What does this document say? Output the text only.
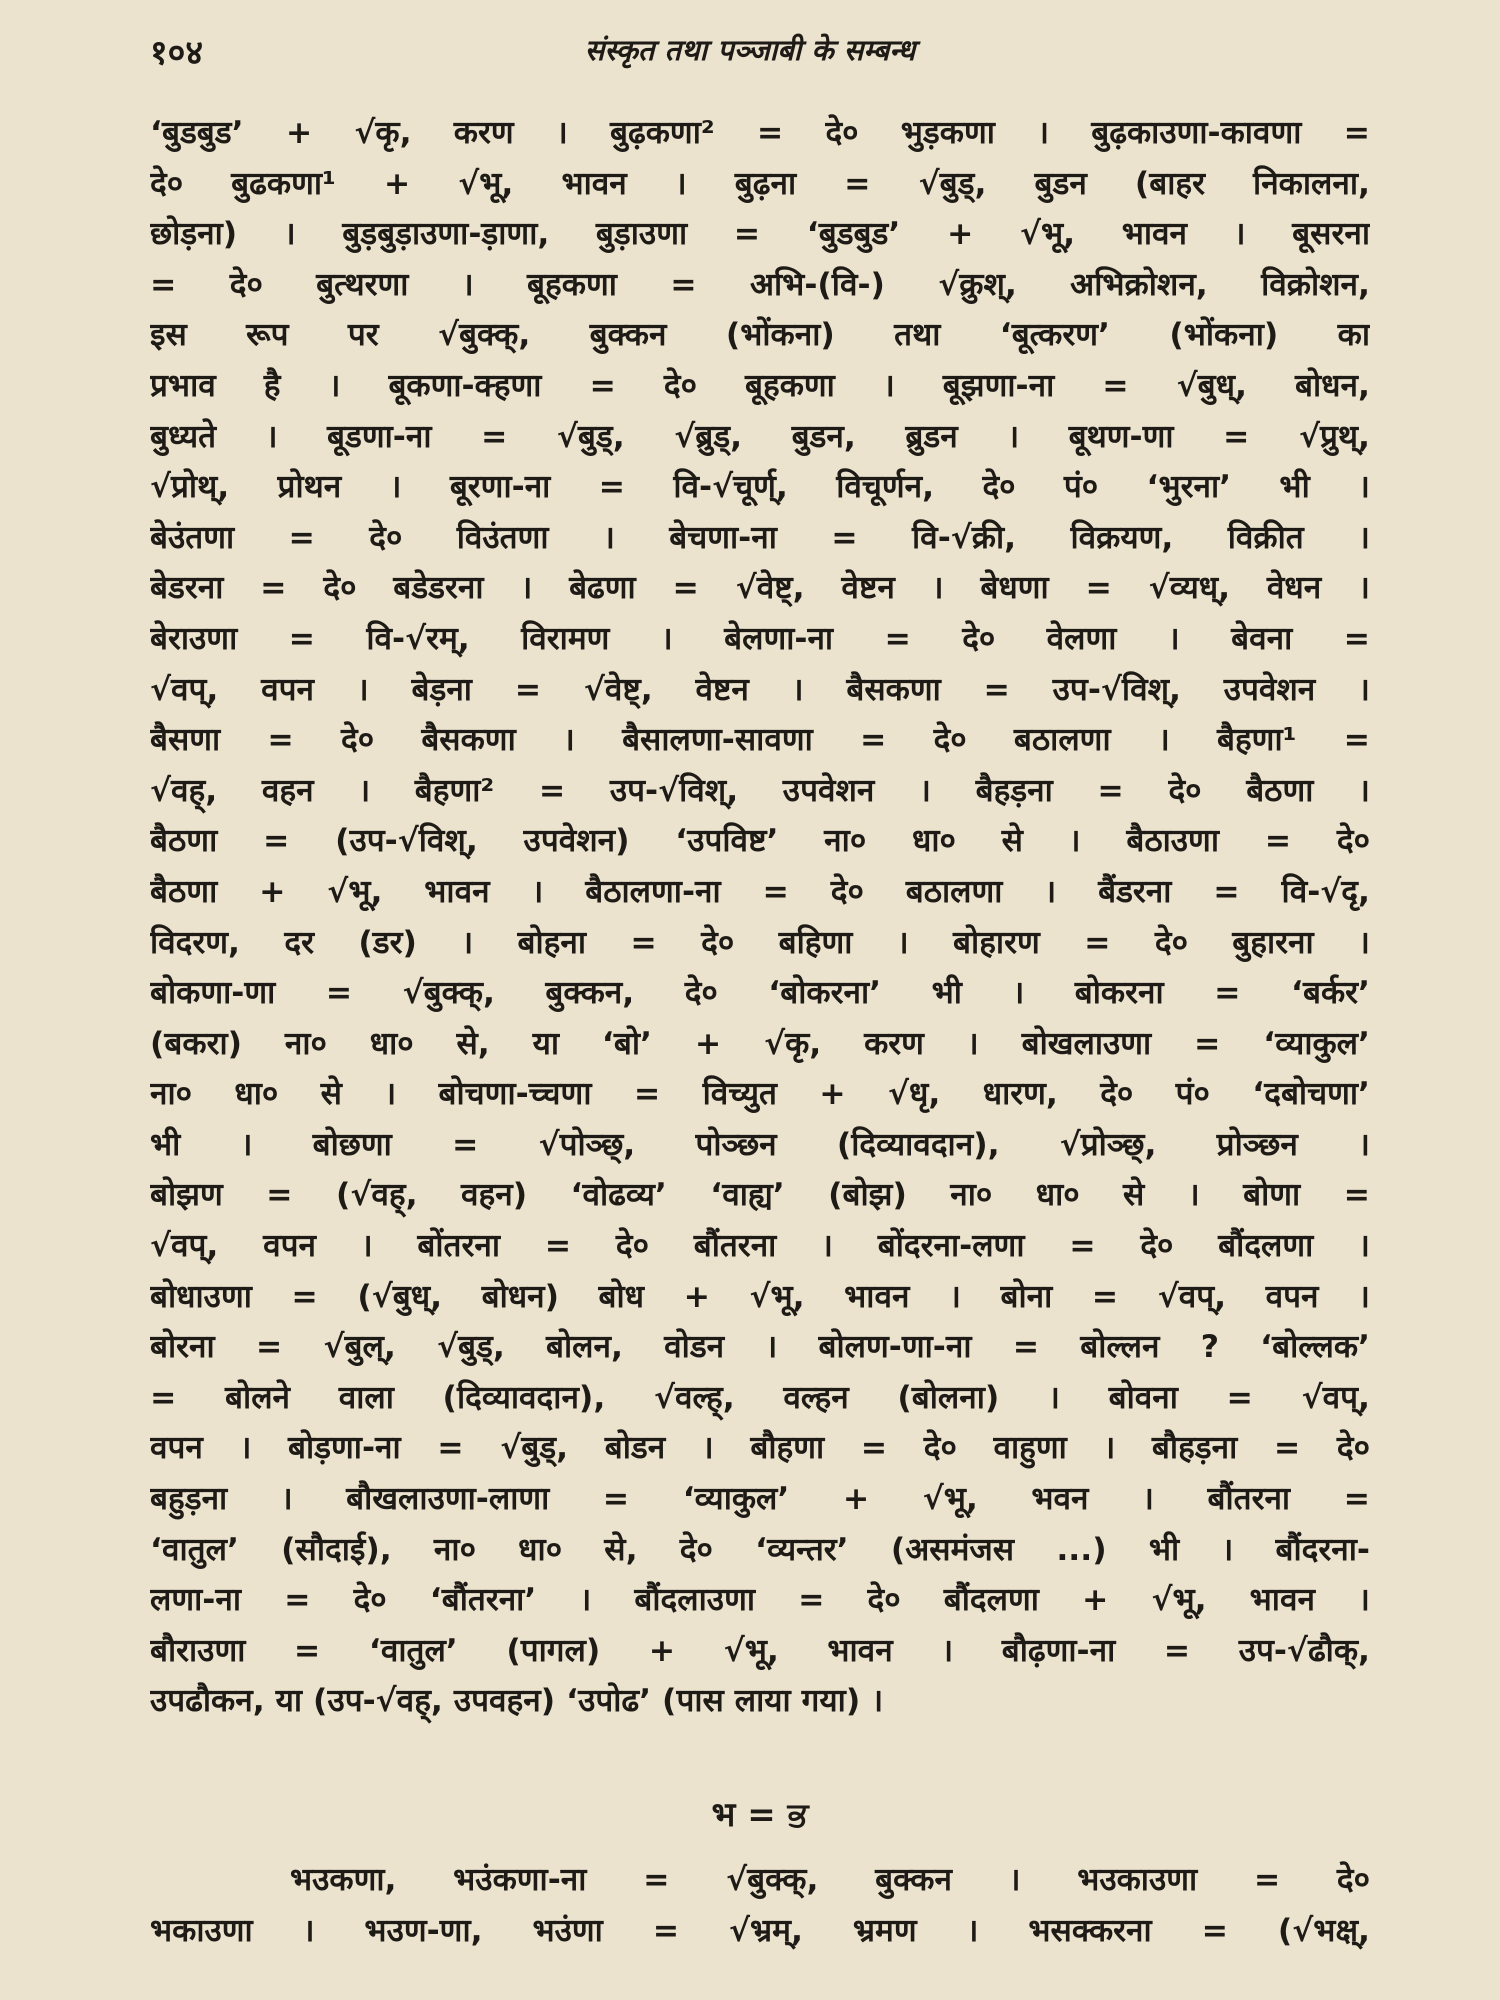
१०४	संस्कृत तथा पञ्जाबी के सम्बन्ध
‘बुडबुड’ + √कृ, करण । बुढ़कणा² = दे० भुड़कणा । बुढ़काउणा-कावणा =
दे० बुढकणा¹ + √भू, भावन । बुढ़ना = √बुड्, बुडन (बाहर निकालना,
छोड़ना) । बुड़बुड़ाउणा-ड़ाणा, बुड़ाउणा = ‘बुडबुड’ + √भू, भावन । बूसरना
= दे० बुत्थरणा । बूहकणा = अभि-(वि-) √क्रुश्, अभिक्रोशन, विक्रोशन,
इस रूप पर √बुक्क्, बुक्कन (भोंकना) तथा ‘बूत्करण’ (भोंकना) का
प्रभाव है । बूकणा-क्हणा = दे० बूहकणा । बूझणा-ना = √बुध्, बोधन,
बुध्यते । बूडणा-ना = √बुड्, √ब्रुड्, बुडन, ब्रुडन । बूथण-णा = √प्रुथ्,
√प्रोथ्, प्रोथन । बूरणा-ना = वि-√चूर्ण्, विचूर्णन, दे० पं० ‘भुरना’ भी ।
बेउंतणा = दे० विउंतणा । बेचणा-ना = वि-√क्री, विक्रयण, विक्रीत ।
बेडरना = दे० बडेडरना । बेढणा = √वेष्ट्, वेष्टन । बेधणा = √व्यध्, वेधन ।
बेराउणा = वि-√रम्, विरामण । बेलणा-ना = दे० वेलणा । बेवना =
√वप्, वपन । बेड़ना = √वेष्ट्, वेष्टन । बैसकणा = उप-√विश्, उपवेशन ।
बैसणा = दे० बैसकणा । बैसालणा-सावणा = दे० बठालणा । बैहणा¹ =
√वह्, वहन । बैहणा² = उप-√विश्, उपवेशन । बैहड़ना = दे० बैठणा ।
बैठणा = (उप-√विश्, उपवेशन) ‘उपविष्ट’ ना० धा० से । बैठाउणा = दे०
बैठणा + √भू, भावन । बैठालणा-ना = दे० बठालणा । बैंडरना = वि-√दृ,
विदरण, दर (डर) । बोहना = दे० बहिणा । बोहारण = दे० बुहारना ।
बोकणा-णा = √बुक्क्, बुक्कन, दे० ‘बोकरना’ भी । बोकरना = ‘बर्कर’
(बकरा) ना० धा० से, या ‘बो’ + √कृ, करण । बोखलाउणा = ‘व्याकुल’
ना० धा० से । बोचणा-च्चणा = विच्युत + √धृ, धारण, दे० पं० ‘दबोचणा’
भी । बोछणा = √पोञ्छ्, पोञ्छन (दिव्यावदान), √प्रोञ्छ्, प्रोञ्छन ।
बोझण = (√वह्, वहन) ‘वोढव्य’ ‘वाह्य’ (बोझ) ना० धा० से । बोणा =
√वप्, वपन । बोंतरना = दे० बौंतरना । बोंदरना-लणा = दे० बौंदलणा ।
बोधाउणा = (√बुध्, बोधन) बोध + √भू, भावन । बोना = √वप्, वपन ।
बोरना = √बुल्, √बुड्, बोलन, वोडन । बोलण-णा-ना = बोल्लन ? ‘बोल्लक’
= बोलने वाला (दिव्यावदान), √वल्ह्, वल्हन (बोलना) । बोवना = √वप्,
वपन । बोड़णा-ना = √बुड्, बोडन । बौहणा = दे० वाहुणा । बौहड़ना = दे०
बहुड़ना । बौखलाउणा-लाणा = ‘व्याकुल’ + √भू, भवन । बौंतरना =
‘वातुल’ (सौदाई), ना० धा० से, दे० ‘व्यन्तर’ (असमंजस ...) भी । बौंदरना-
लणा-ना = दे० ‘बौंतरना’ । बौंदलाउणा = दे० बौंदलणा + √भू, भावन ।
बौराउणा = ‘वातुल’ (पागल) + √भू, भावन । बौढ़णा-ना = उप-√ढौक्,
उपढौकन, या (उप-√वह्, उपवहन) ‘उपोढ’ (पास लाया गया) ।
भ = ਭ
भउकणा, भउंकणा-ना = √बुक्क्, बुक्कन । भउकाउणा = दे०
भकाउणा । भउण-णा, भउंणा = √भ्रम्, भ्रमण । भसक्करना = (√भक्ष्,
